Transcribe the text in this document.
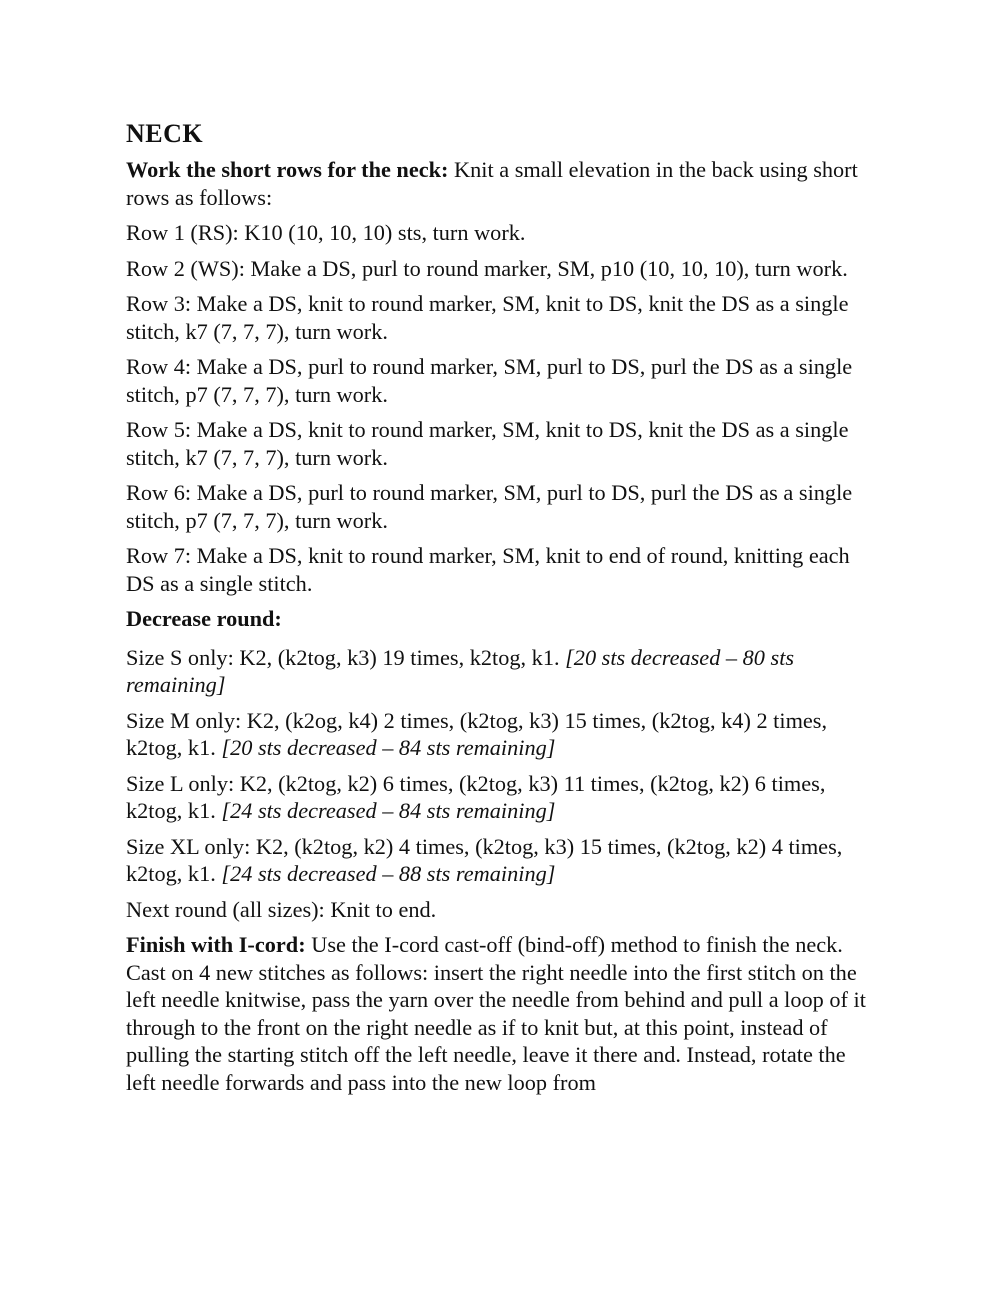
NECK

Work the short rows for the neck: Knit a small elevation in the back using short rows as follows:

Row 1 (RS): K10 (10, 10, 10) sts, turn work.

Row 2 (WS): Make a DS, purl to round marker, SM, p10 (10, 10, 10), turn work.

Row 3: Make a DS, knit to round marker, SM, knit to DS, knit the DS as a single stitch, k7 (7, 7, 7), turn work.

Row 4: Make a DS, purl to round marker, SM, purl to DS, purl the DS as a single stitch, p7 (7, 7, 7), turn work.

Row 5: Make a DS, knit to round marker, SM, knit to DS, knit the DS as a single stitch, k7 (7, 7, 7), turn work.

Row 6: Make a DS, purl to round marker, SM, purl to DS, purl the DS as a single stitch, p7 (7, 7, 7), turn work.

Row 7: Make a DS, knit to round marker, SM, knit to end of round, knitting each DS as a single stitch.

Decrease round:

Size S only: K2, (k2tog, k3) 19 times, k2tog, k1. [20 sts decreased – 80 sts remaining]

Size M only: K2, (k2og, k4) 2 times, (k2tog, k3) 15 times, (k2tog, k4) 2 times, k2tog, k1. [20 sts decreased – 84 sts remaining]

Size L only: K2, (k2tog, k2) 6 times, (k2tog, k3) 11 times, (k2tog, k2) 6 times, k2tog, k1. [24 sts decreased – 84 sts remaining]

Size XL only: K2, (k2tog, k2) 4 times, (k2tog, k3) 15 times, (k2tog, k2) 4 times, k2tog, k1. [24 sts decreased – 88 sts remaining]

Next round (all sizes): Knit to end.

Finish with I-cord: Use the I-cord cast-off (bind-off) method to finish the neck. Cast on 4 new stitches as follows: insert the right needle into the first stitch on the left needle knitwise, pass the yarn over the needle from behind and pull a loop of it through to the front on the right needle as if to knit but, at this point, instead of pulling the starting stitch off the left needle, leave it there and. Instead, rotate the left needle forwards and pass into the new loop from
